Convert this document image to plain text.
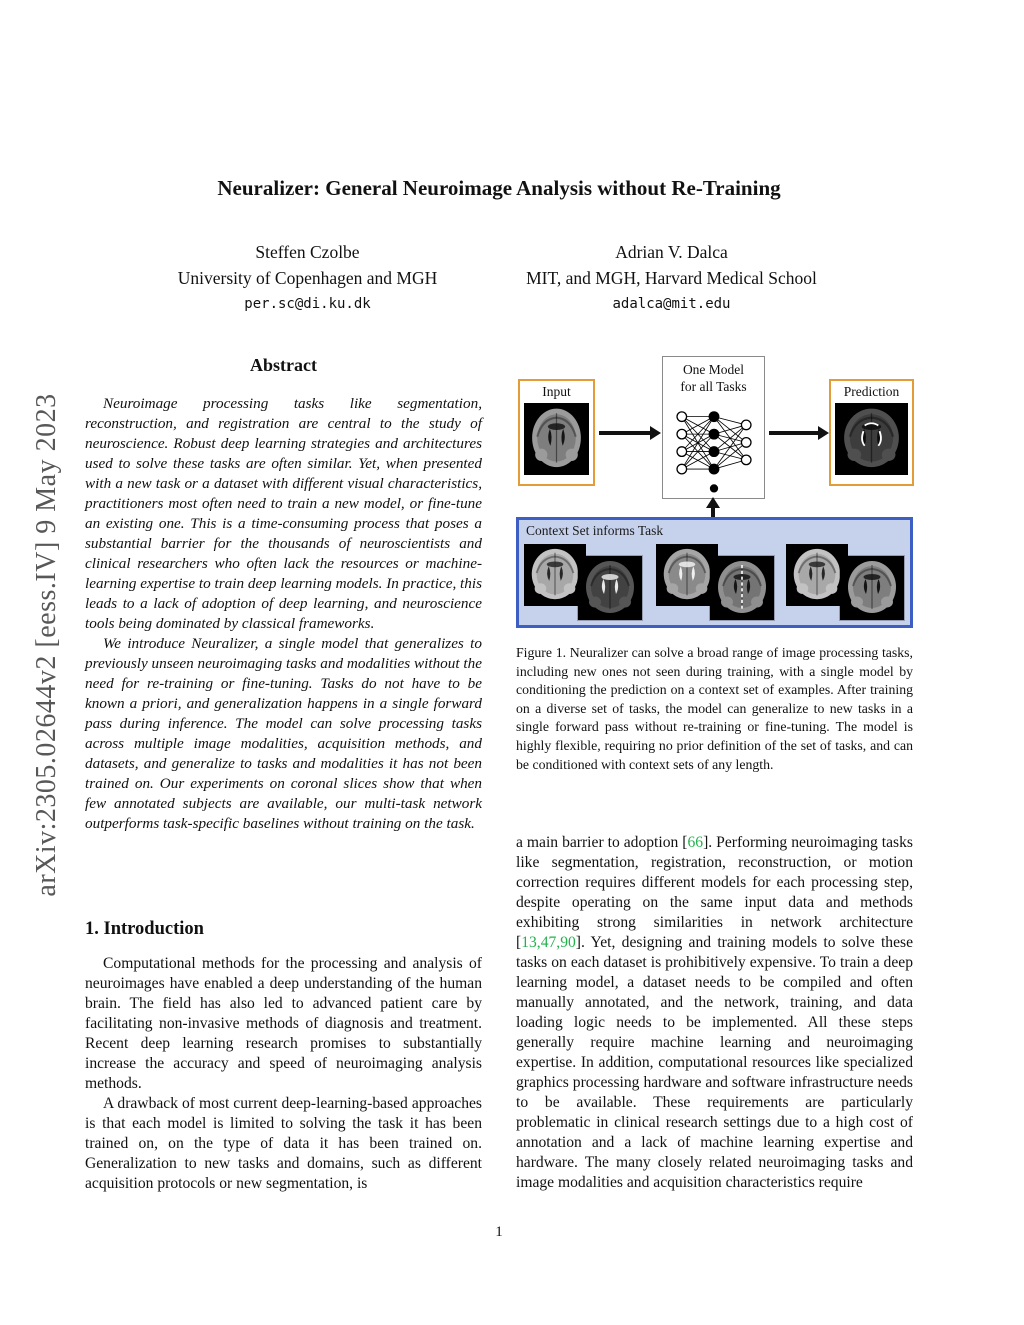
arXiv:2305.02644v2 [eess.IV] 9 May 2023
Neuralizer: General Neuroimage Analysis without Re-Training
Steffen Czolbe
University of Copenhagen and MGH
per.sc@di.ku.dk
Adrian V. Dalca
MIT, and MGH, Harvard Medical School
adalca@mit.edu
Abstract

Neuroimage processing tasks like segmentation, reconstruction, and registration are central to the study of neuroscience. Robust deep learning strategies and architectures used to solve these tasks are often similar. Yet, when presented with a new task or a dataset with different visual characteristics, practitioners most often need to train a new model, or fine-tune an existing one. This is a time-consuming process that poses a substantial barrier for the thousands of neuroscientists and clinical researchers who often lack the resources or machine-learning expertise to train deep learning models. In practice, this leads to a lack of adoption of deep learning, and neuroscience tools being dominated by classical frameworks.

We introduce Neuralizer, a single model that generalizes to previously unseen neuroimaging tasks and modalities without the need for re-training or fine-tuning. Tasks do not have to be known a priori, and generalization happens in a single forward pass during inference. The model can solve processing tasks across multiple image modalities, acquisition methods, and datasets, and generalize to tasks and modalities it has not been trained on. Our experiments on coronal slices show that when few annotated subjects are available, our multi-task network outperforms task-specific baselines without training on the task.

1. Introduction

Computational methods for the processing and analysis of neuroimages have enabled a deep understanding of the human brain. The field has also led to advanced patient care by facilitating non-invasive methods of diagnosis and treatment. Recent deep learning research promises to substantially increase the accuracy and speed of neuroimaging analysis methods.

A drawback of most current deep-learning-based approaches is that each model is limited to solving the task it has been trained on, on the type of data it has been trained on. Generalization to new tasks and domains, such as different acquisition protocols or new segmentation, is

Input
One Model
for all Tasks	Prediction
Context Set informs Task
Figure 1. Neuralizer can solve a broad range of image processing tasks, including new ones not seen during training, with a single model by conditioning the prediction on a context set of examples. After training on a diverse set of tasks, the model can generalize to new tasks in a single forward pass without re-training or fine-tuning. The model is highly flexible, requiring no prior definition of the set of tasks, and can be conditioned with context sets of any length.

a main barrier to adoption [66]. Performing neuroimaging tasks like segmentation, registration, reconstruction, or motion correction requires different models for each processing step, despite operating on the same input data and methods exhibiting strong similarities in network architecture [13,47,90]. Yet, designing and training models to solve these tasks on each dataset is prohibitively expensive. To train a deep learning model, a dataset needs to be compiled and often manually annotated, and the network, training, and data loading logic needs to be implemented. All these steps generally require machine learning and neuroimaging expertise. In addition, computational resources like specialized graphics processing hardware and software infrastructure needs to be available. These requirements are particularly problematic in clinical research settings due to a high cost of annotation and a lack of machine learning expertise and hardware. The many closely related neuroimaging tasks and image modalities and acquisition characteristics require

1
